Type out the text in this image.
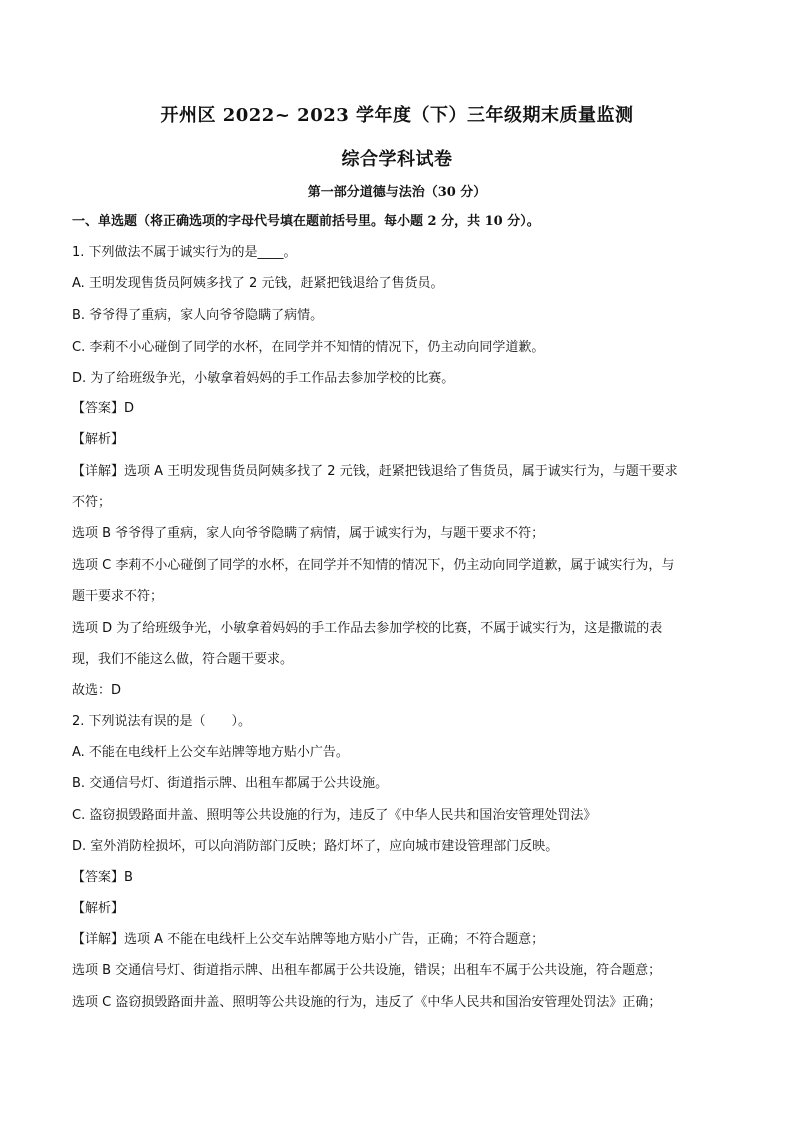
开州区 2022~ 2023 学年度（下）三年级期末质量监测
综合学科试卷
第一部分道德与法治（30 分）
一、单选题（将正确选项的字母代号填在题前括号里。每小题 2 分，共 10 分）。
1. 下列做法不属于诚实行为的是____。
A. 王明发现售货员阿姨多找了 2 元钱，赶紧把钱退给了售货员。
B. 爷爷得了重病，家人向爷爷隐瞒了病情。
C. 李莉不小心碰倒了同学的水杯，在同学并不知情的情况下，仍主动向同学道歉。
D. 为了给班级争光，小敏拿着妈妈的手工作品去参加学校的比赛。
【答案】D
【解析】
【详解】选项 A 王明发现售货员阿姨多找了 2 元钱，赶紧把钱退给了售货员，属于诚实行为，与题干要求
不符；
选项 B 爷爷得了重病，家人向爷爷隐瞒了病情，属于诚实行为，与题干要求不符；
选项 C 李莉不小心碰倒了同学的水杯，在同学并不知情的情况下，仍主动向同学道歉，属于诚实行为，与
题干要求不符；
选项 D 为了给班级争光，小敏拿着妈妈的手工作品去参加学校的比赛，不属于诚实行为，这是撒谎的表
现，我们不能这么做，符合题干要求。
故选：D
2. 下列说法有误的是（　　）。
A. 不能在电线杆上公交车站牌等地方贴小广告。
B. 交通信号灯、街道指示牌、出租车都属于公共设施。
C. 盗窃损毁路面井盖、照明等公共设施的行为，违反了《中华人民共和国治安管理处罚法》
D. 室外消防栓损坏，可以向消防部门反映；路灯坏了，应向城市建设管理部门反映。
【答案】B
【解析】
【详解】选项 A 不能在电线杆上公交车站牌等地方贴小广告，正确；不符合题意；
选项 B 交通信号灯、街道指示牌、出租车都属于公共设施，错误；出租车不属于公共设施，符合题意；
选项 C 盗窃损毁路面井盖、照明等公共设施的行为，违反了《中华人民共和国治安管理处罚法》正确；
